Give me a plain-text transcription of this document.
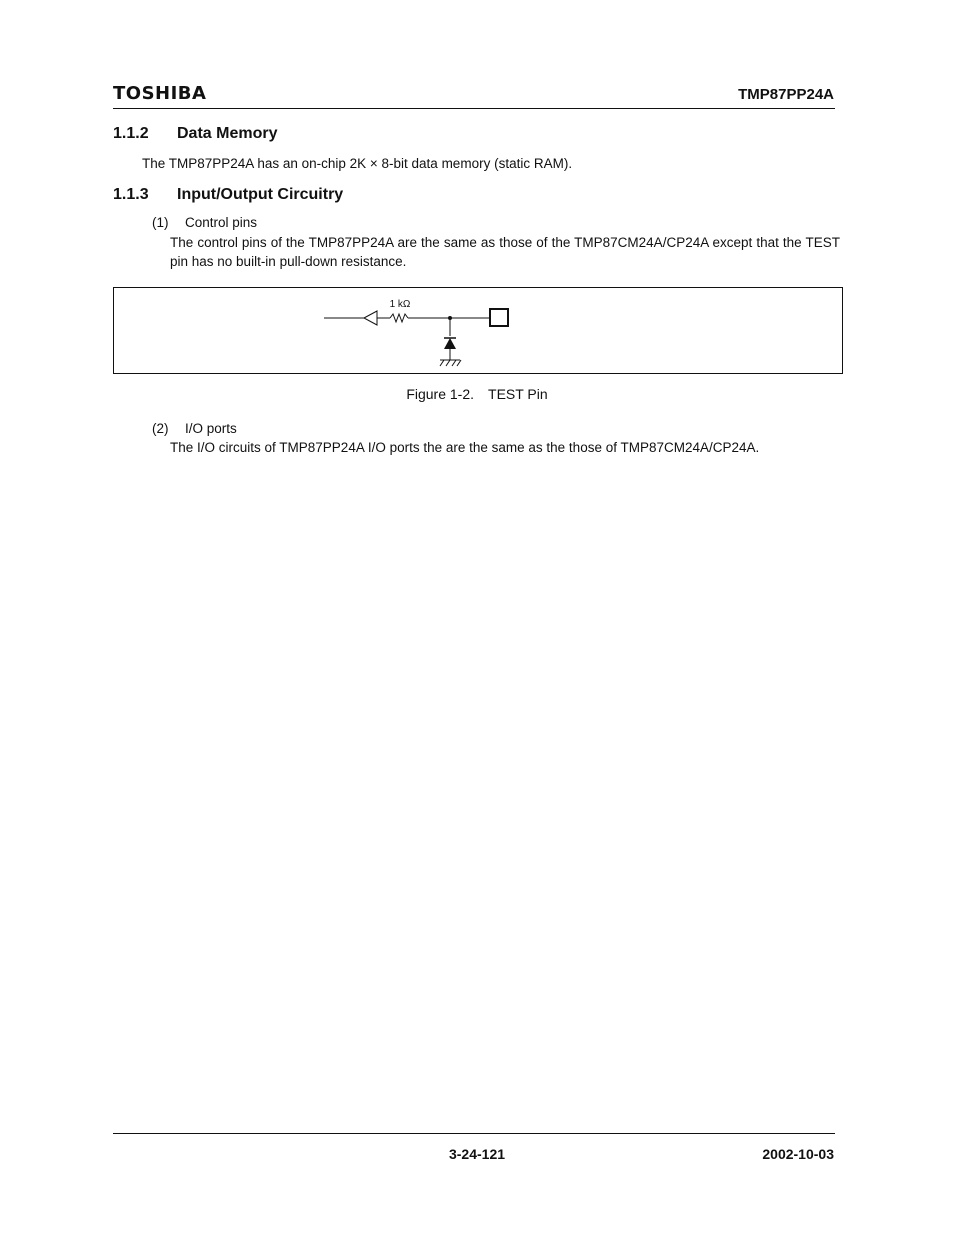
TOSHIBA	TMP87PP24A
1.1.2 Data Memory
The TMP87PP24A has an on-chip 2K × 8-bit data memory (static RAM).
1.1.3 Input/Output Circuitry
(1) Control pins
The control pins of the TMP87PP24A are the same as those of the TMP87CM24A/CP24A except that the TEST pin has no built-in pull-down resistance.
1 kΩ
Figure 1-2. TEST Pin
(2) I/O ports
The I/O circuits of TMP87PP24A I/O ports the are the same as the those of TMP87CM24A/CP24A.
3-24-121	2002-10-03
